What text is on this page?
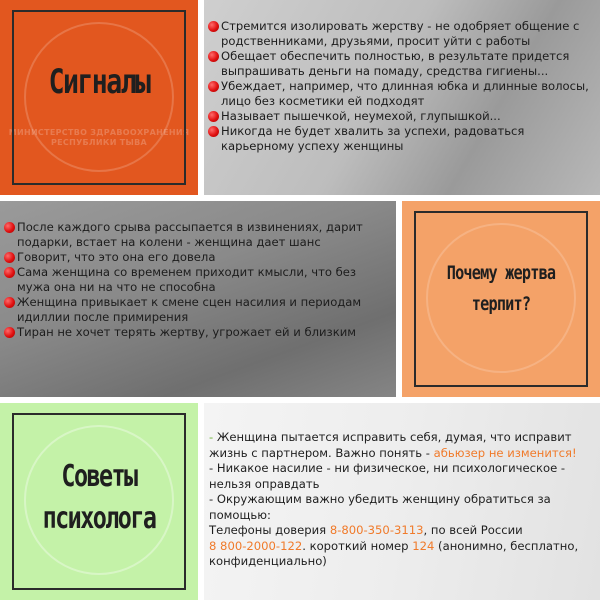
МИНИСТЕРСТВО ЗДРАВООХРАНЕНИЯ
РЕСПУБЛИКИ ТЫВА
Сигналы
Стремится изолировать жерству - не одобряет общение с родственниками, друзьями, просит уйти с работы
Обещает обеспечить полностью, в результате придется выпрашивать деньги на помаду, средства гигиены...
Убеждает, например, что длинная юбка и длинные волосы, лицо без косметики ей подходят
Называет пышечкой, неумехой, глупышкой...
Никогда не будет хвалить за успехи, радоваться карьерному успеху женщины
После каждого срыва рассыпается в извинениях, дарит подарки, встает на колени - женщина дает шанс
Говорит, что это она его довела
Сама женщина со временем приходит кмысли, что без мужа она ни на что не способна
Женщина привыкает к смене сцен насилия и периодам идиллии после примирения
Тиран не хочет терять жертву, угрожает ей и близким
Почему жертва
терпит?
Советы
психолога

- Женщина пытается исправить себя, думая, что исправит жизнь с партнером. Важно понять - абьюзер не изменится!

- Никакое насилие - ни физическое, ни психологическое - нельзя оправдать

- Окружающим важно убедить женщину обратиться за помощью:

Телефоны доверия 8-800-350-3113, по всей России
8 800-2000-122. короткий номер 124 (анонимно, бесплатно, конфиденциально)
